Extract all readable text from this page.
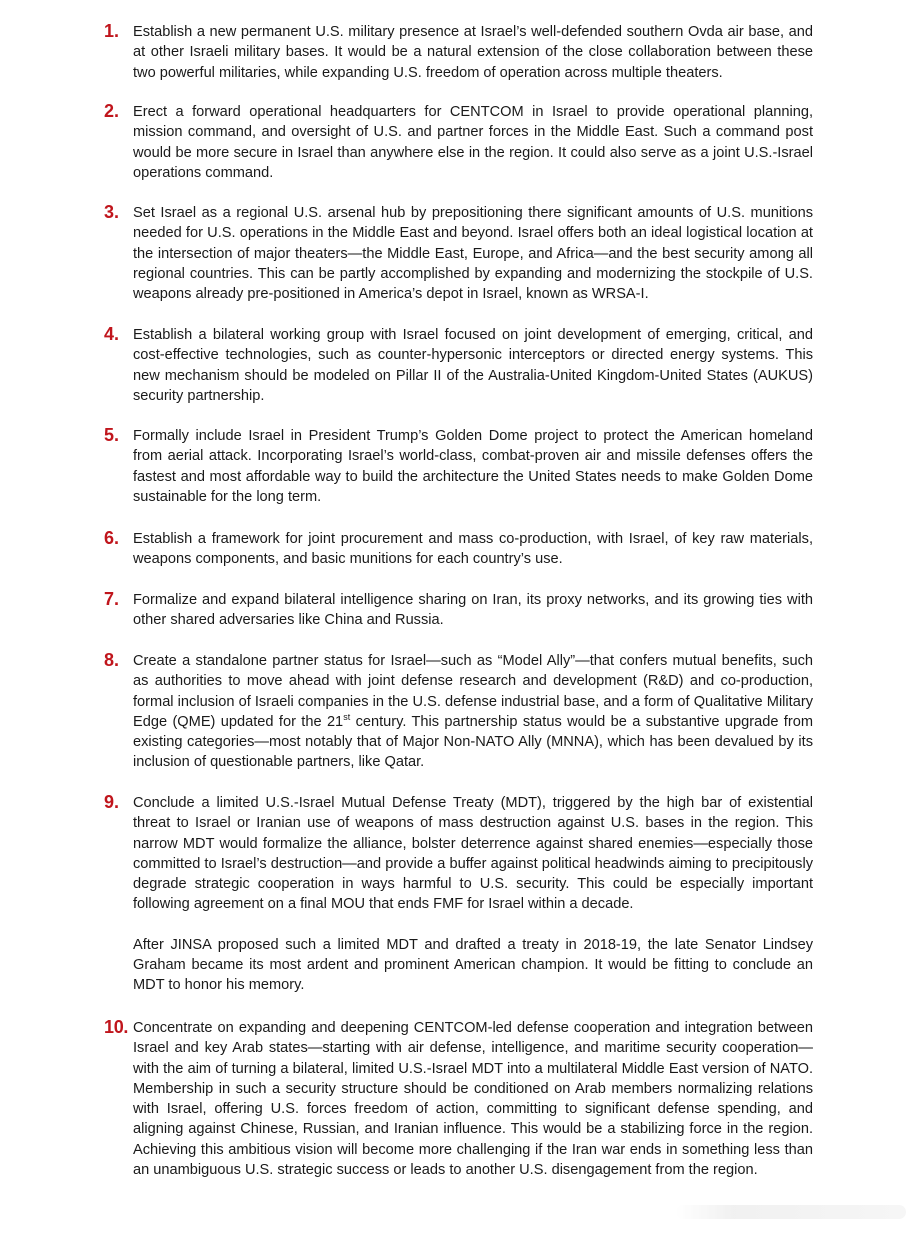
1. Establish a new permanent U.S. military presence at Israel’s well-defended southern Ovda air base, and at other Israeli military bases. It would be a natural extension of the close collaboration between these two powerful militaries, while expanding U.S. freedom of operation across multiple theaters.

2. Erect a forward operational headquarters for CENTCOM in Israel to provide operational planning, mission command, and oversight of U.S. and partner forces in the Middle East. Such a command post would be more secure in Israel than anywhere else in the region. It could also serve as a joint U.S.-Israel operations command.

3. Set Israel as a regional U.S. arsenal hub by prepositioning there significant amounts of U.S. munitions needed for U.S. operations in the Middle East and beyond. Israel offers both an ideal logistical location at the intersection of major theaters—the Middle East, Europe, and Africa—and the best security among all regional countries. This can be partly accomplished by expanding and modernizing the stockpile of U.S. weapons already pre-positioned in America’s depot in Israel, known as WRSA-I.

4. Establish a bilateral working group with Israel focused on joint development of emerging, critical, and cost-effective technologies, such as counter-hypersonic interceptors or directed energy systems. This new mechanism should be modeled on Pillar II of the Australia-United Kingdom-United States (AUKUS) security partnership.

5. Formally include Israel in President Trump’s Golden Dome project to protect the American homeland from aerial attack. Incorporating Israel’s world-class, combat-proven air and missile defenses offers the fastest and most affordable way to build the architecture the United States needs to make Golden Dome sustainable for the long term.

6. Establish a framework for joint procurement and mass co-production, with Israel, of key raw materials, weapons components, and basic munitions for each country’s use.

7. Formalize and expand bilateral intelligence sharing on Iran, its proxy networks, and its growing ties with other shared adversaries like China and Russia.

8. Create a standalone partner status for Israel—such as “Model Ally”—that confers mutual benefits, such as authorities to move ahead with joint defense research and development (R&D) and co-production, formal inclusion of Israeli companies in the U.S. defense industrial base, and a form of Qualitative Military Edge (QME) updated for the 21st century. This partnership status would be a substantive upgrade from existing categories—most notably that of Major Non-NATO Ally (MNNA), which has been devalued by its inclusion of questionable partners, like Qatar.

9. Conclude a limited U.S.-Israel Mutual Defense Treaty (MDT), triggered by the high bar of existential threat to Israel or Iranian use of weapons of mass destruction against U.S. bases in the region. This narrow MDT would formalize the alliance, bolster deterrence against shared enemies—especially those committed to Israel’s destruction—and provide a buffer against political headwinds aiming to precipitously degrade strategic cooperation in ways harmful to U.S. security. This could be especially important following agreement on a final MOU that ends FMF for Israel within a decade.

After JINSA proposed such a limited MDT and drafted a treaty in 2018-19, the late Senator Lindsey Graham became its most ardent and prominent American champion. It would be fitting to conclude an MDT to honor his memory.

10. Concentrate on expanding and deepening CENTCOM-led defense cooperation and integration between Israel and key Arab states—starting with air defense, intelligence, and maritime security cooperation—with the aim of turning a bilateral, limited U.S.-Israel MDT into a multilateral Middle East version of NATO. Membership in such a security structure should be conditioned on Arab members normalizing relations with Israel, offering U.S. forces freedom of action, committing to significant defense spending, and aligning against Chinese, Russian, and Iranian influence. This would be a stabilizing force in the region. Achieving this ambitious vision will become more challenging if the Iran war ends in something less than an unambiguous U.S. strategic success or leads to another U.S. disengagement from the region.
